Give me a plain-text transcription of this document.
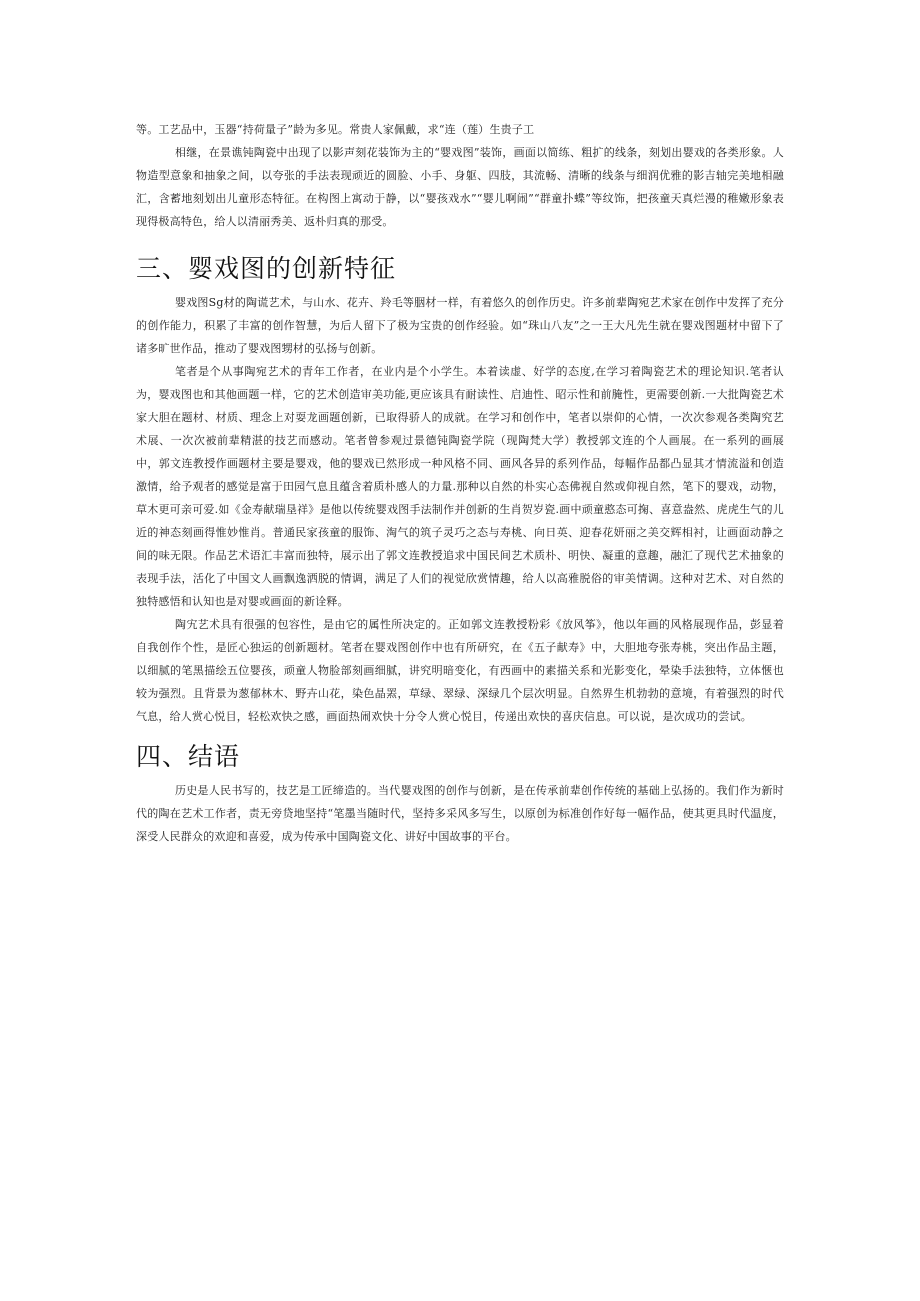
等。工艺品中，玉器“持荷量子”龄为多见。常贵人家佩戴，求“连（莲）生贵子工

相继，在景谯钝陶瓷中出现了以影声刻花装饰为主的“婴戏图”装饰，画面以简练、粗扩的线条，刻划出婴戏的各类形象。人物造型意象和抽象之间，以夸张的手法表现顽近的圆脸、小手、身躯、四肢，其流畅、清晰的线条与细润优雅的影吉轴完美地相融汇，含蓄地刻划出儿童形态特征。在构图上寓动于静，以“婴孩戏水”“婴儿啊闹”“群童扑蝶”等纹饰，把孩童天真烂漫的稚嫩形象表现得极高特色，给人以清丽秀美、返朴归真的那受。

三、婴戏图的创新特征

婴戏图Sg材的陶谎艺术，与山水、花卉、羚毛等胭材一样，有着悠久的创作历史。许多前辈陶宛艺术家在创作中发挥了充分的创作能力，积累了丰富的创作智慧，为后人留下了极为宝贵的创作经验。如“珠山八友”之一王大凡先生就在婴戏图题材中留下了诸多旷世作品，推动了婴戏图甥材的弘扬与创新。

笔者是个从事陶宛艺术的青年工作者，在业内是个小学生。本着读虚、好学的态度,在学习着陶瓷艺术的理论知识.笔者认为，婴戏图也和其他画题一样，它的艺术创造审美功能,更应该具有耐读性、启迪性、昭示性和前腌性，更需要创新.一大批陶瓷艺术家大胆在题材、材质、理念上对耍龙画题创新，已取得骄人的成就。在学习和创作中，笔者以崇仰的心情，一次次参观各类陶究艺术展、一次次被前辈精湛的技艺而感动。笔者曾参观过景德钝陶瓷学院（现陶梵大学）教授郭文连的个人画展。在一系列的画展中，郭文连教授作画题材主要是婴戏，他的婴戏已然形成一种风格不同、画风各异的系列作品，每幅作品都凸显其才情流溢和创造激情，给予观者的感觉是富于田园气息且蕴含着质朴感人的力量.那种以自然的朴实心态佛视自然或仰视自然，笔下的婴戏，动物，草木更可亲可爱.如《金寿献瑞垦祥》是他以传统婴戏图手法制作并创新的生肖贺岁瓷.画中顽童憨态可掬、喜意盎然、虎虎生气的儿近的神态刻画得惟妙惟肖。普通民家孩童的服饰、淘气的筑子灵巧之态与寿桃、向日英、迎春花妍丽之美交辉相衬，让画面动静之间的味无限。作品艺术语汇丰富而独特，展示出了郭文连教授追求中国民间艺术质朴、明快、凝重的意趣，融汇了现代艺术抽象的表现手法，活化了中国文人画飘逸洒脱的情调，满足了人们的视觉欣赏情趣，给人以高雅脱俗的审美情调。这种对艺术、对自然的独特感悟和认知也是对婴或画面的新诠释。

陶宄艺术具有很强的包容性，是由它的属性所决定的。正如郭文连教授粉彩《放风筝》，他以年画的风格展现作品，彭显着自我创作个性，是匠心独运的创新题材。笔者在婴戏图创作中也有所研究，在《五子献寿》中，大胆地夸张寿桃，突出作品主题，以细腻的笔黑描绘五位婴孩，顽童人物脸部刻画细腻，讲究明暗变化，有西画中的素描关系和光影变化，晕染手法独特，立体愜也较为强烈。且背景为葱郁林木、野卉山花，染色晶罴，草绿、翠绿、深绿几个层次明显。自然界生机勃勃的意境，有着强烈的时代气息，给人赏心悦目，轻松欢快之感，画面热闹欢快十分令人赏心悦目，传递出欢快的喜庆信息。可以说，是次成功的尝试。

四、结语

历史是人民书写的，技艺是工匠缔造的。当代婴戏图的创作与创新，是在传承前辈创作传统的基础上弘扬的。我们作为新时代的陶在艺术工作者，责无旁贷地坚持“笔墨当随时代，坚持多采风多写生，以原创为标准创作好每一幅作品，使其更具时代温度，深受人民群众的欢迎和喜爱，成为传承中国陶瓷文化、讲好中国故事的平台。
